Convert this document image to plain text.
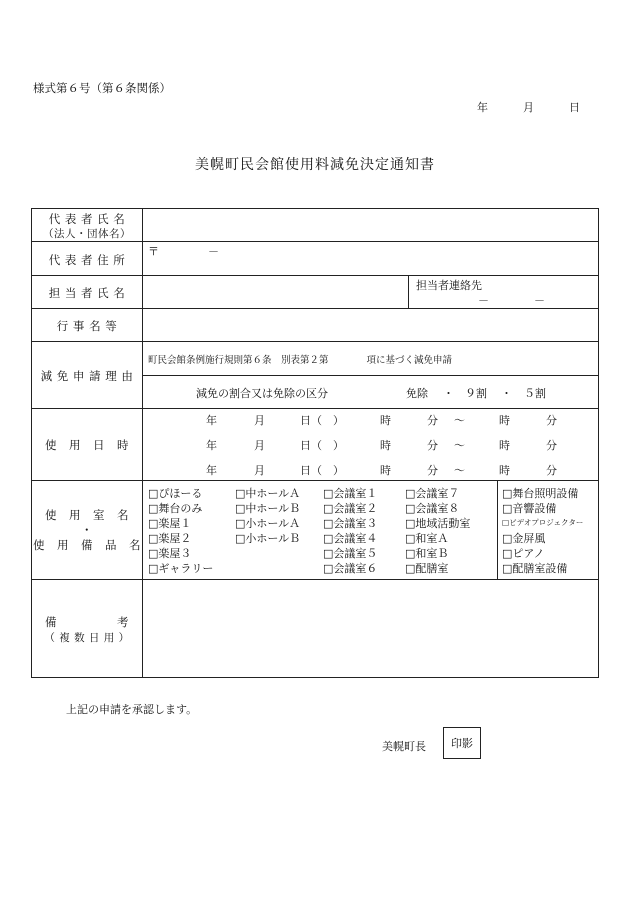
様式第６号（第６条関係）
年	月	日
美幌町民会館使用料減免決定通知書
代 表 者 氏 名
（法人・団体名）
代 表 者 住 所
〒	－
担 当 者 氏 名
担当者連絡先
－	－
行 事 名 等
減 免 申 請 理 由
町民会館条例施行規則第６条　別表第２第　　　　項に基づく減免申請
減免の割合又は免除の区分	免除 ・ ９割 ・ ５割
使　用　日　時
年	月	日（　）	時	分 〜	時	分
年	月	日（　）	時	分 〜	時	分
年	月	日（　）	時	分 〜	時	分
使　用　室　名
・
使　用　備　品　名
□ぴほーる
□舞台のみ
□楽屋１
□楽屋２
□楽屋３
□ギャラリー
□中ホールＡ
□中ホールＢ
□小ホールＡ
□小ホールＢ
□会議室１
□会議室２
□会議室３
□会議室４
□会議室５
□会議室６
□会議室７
□会議室８
□地域活動室
□和室Ａ
□和室Ｂ
□配膳室
□舞台照明設備
□音響設備
□ビデオプロジェクター
□金屏風
□ピアノ
□配膳室設備
備　　　　　考
（ 複 数 日 用 ）
上記の申請を承認します。
美幌町長	印影
